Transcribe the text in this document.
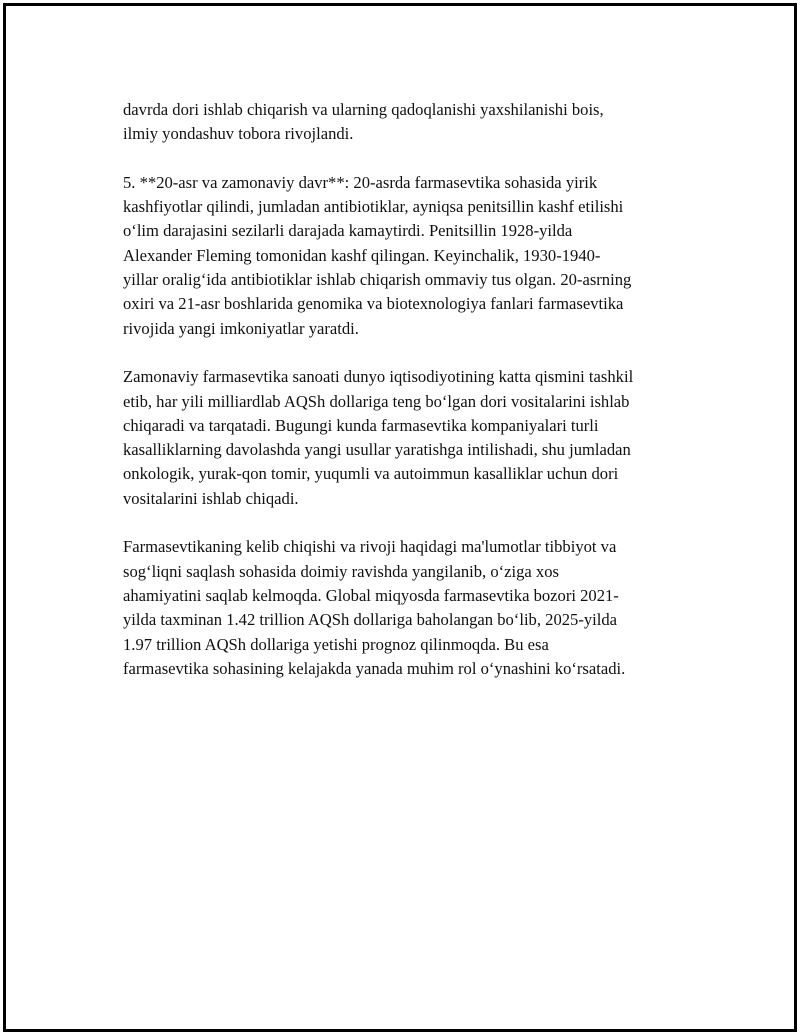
davrda dori ishlab chiqarish va ularning qadoqlanishi yaxshilanishi bois,
ilmiy yondashuv tobora rivojlandi.

5. **20-asr va zamonaviy davr**: 20-asrda farmasevtika sohasida yirik
kashfiyotlar qilindi, jumladan antibiotiklar, ayniqsa penitsillin kashf etilishi
o‘lim darajasini sezilarli darajada kamaytirdi. Penitsillin 1928-yilda
Alexander Fleming tomonidan kashf qilingan. Keyinchalik, 1930-1940-
yillar oralig‘ida antibiotiklar ishlab chiqarish ommaviy tus olgan. 20-asrning
oxiri va 21-asr boshlarida genomika va biotexnologiya fanlari farmasevtika
rivojida yangi imkoniyatlar yaratdi.

Zamonaviy farmasevtika sanoati dunyo iqtisodiyotining katta qismini tashkil
etib, har yili milliardlab AQSh dollariga teng bo‘lgan dori vositalarini ishlab
chiqaradi va tarqatadi. Bugungi kunda farmasevtika kompaniyalari turli
kasalliklarning davolashda yangi usullar yaratishga intilishadi, shu jumladan
onkologik, yurak-qon tomir, yuqumli va autoimmun kasalliklar uchun dori
vositalarini ishlab chiqadi.

Farmasevtikaning kelib chiqishi va rivoji haqidagi ma'lumotlar tibbiyot va
sog‘liqni saqlash sohasida doimiy ravishda yangilanib, o‘ziga xos
ahamiyatini saqlab kelmoqda. Global miqyosda farmasevtika bozori 2021-
yilda taxminan 1.42 trillion AQSh dollariga baholangan bo‘lib, 2025-yilda
1.97 trillion AQSh dollariga yetishi prognoz qilinmoqda. Bu esa
farmasevtika sohasining kelajakda yanada muhim rol o‘ynashini ko‘rsatadi.
